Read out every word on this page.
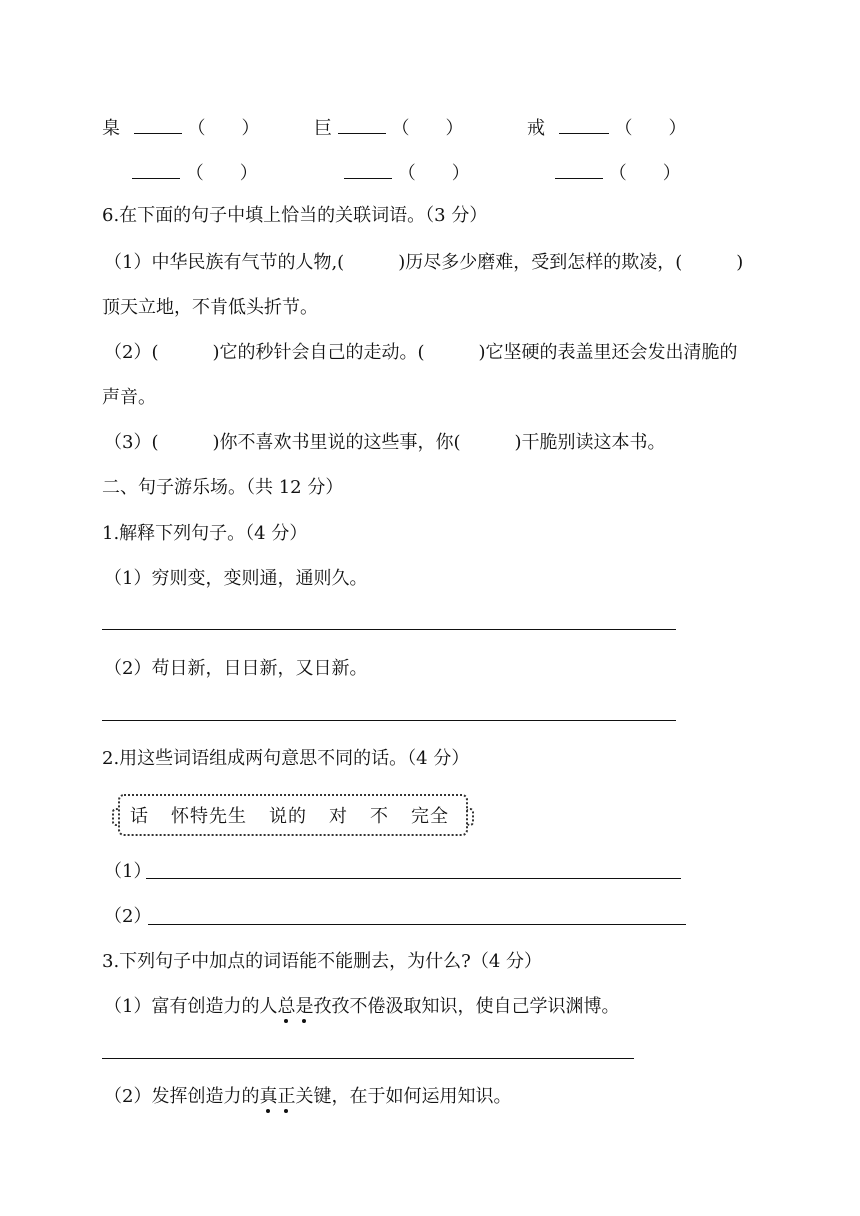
臬	（　　）	巨	（　　）	戒	（　　）
（　　）	（　　）	（　　）
6.在下面的句子中填上恰当的关联词语。（3 分）
（1）中华民族有气节的人物,(　　　)历尽多少磨难，受到怎样的欺凌，(　　　)
顶天立地，不肯低头折节。
（2）(　　　)它的秒针会自己的走动。(　　　)它坚硬的表盖里还会发出清脆的
声音。
（3）(　　　)你不喜欢书里说的这些事，你(　　　)干脆别读这本书。
二、句子游乐场。（共 12 分）
1.解释下列句子。（4 分）
（1）穷则变，变则通，通则久。
（2）苟日新，日日新，又日新。
2.用这些词语组成两句意思不同的话。（4 分）
话 怀特先生 说的 对 不 完全
（1）
（2）
3.下列句子中加点的词语能不能删去，为什么?（4 分）
（1）富有创造力的人总是孜孜不倦汲取知识，使自己学识渊博。
（2）发挥创造力的真正关键，在于如何运用知识。
